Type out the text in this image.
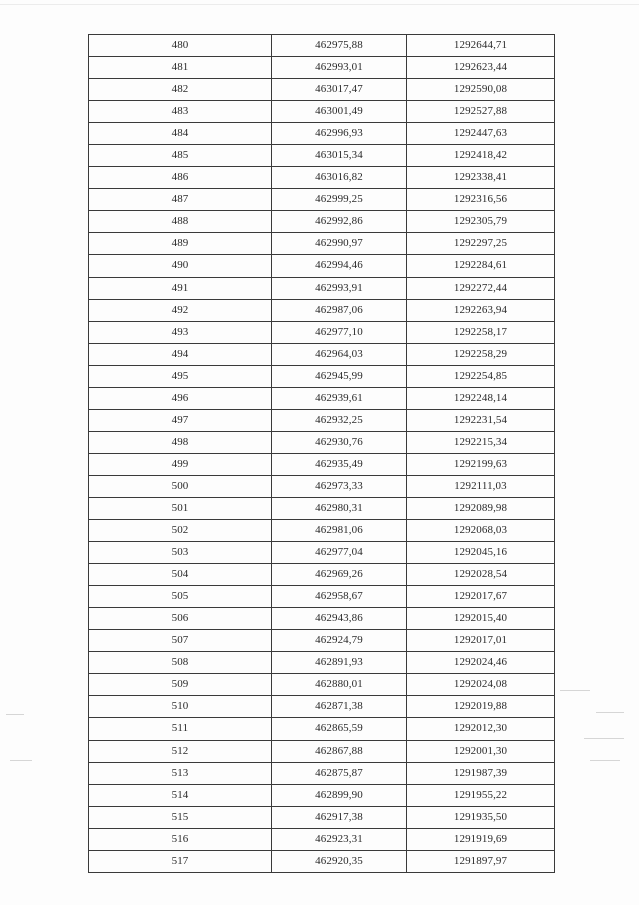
480	462975,88	1292644,71
481	462993,01	1292623,44
482	463017,47	1292590,08
483	463001,49	1292527,88
484	462996,93	1292447,63
485	463015,34	1292418,42
486	463016,82	1292338,41
487	462999,25	1292316,56
488	462992,86	1292305,79
489	462990,97	1292297,25
490	462994,46	1292284,61
491	462993,91	1292272,44
492	462987,06	1292263,94
493	462977,10	1292258,17
494	462964,03	1292258,29
495	462945,99	1292254,85
496	462939,61	1292248,14
497	462932,25	1292231,54
498	462930,76	1292215,34
499	462935,49	1292199,63
500	462973,33	1292111,03
501	462980,31	1292089,98
502	462981,06	1292068,03
503	462977,04	1292045,16
504	462969,26	1292028,54
505	462958,67	1292017,67
506	462943,86	1292015,40
507	462924,79	1292017,01
508	462891,93	1292024,46
509	462880,01	1292024,08
510	462871,38	1292019,88
511	462865,59	1292012,30
512	462867,88	1292001,30
513	462875,87	1291987,39
514	462899,90	1291955,22
515	462917,38	1291935,50
516	462923,31	1291919,69
517	462920,35	1291897,97
